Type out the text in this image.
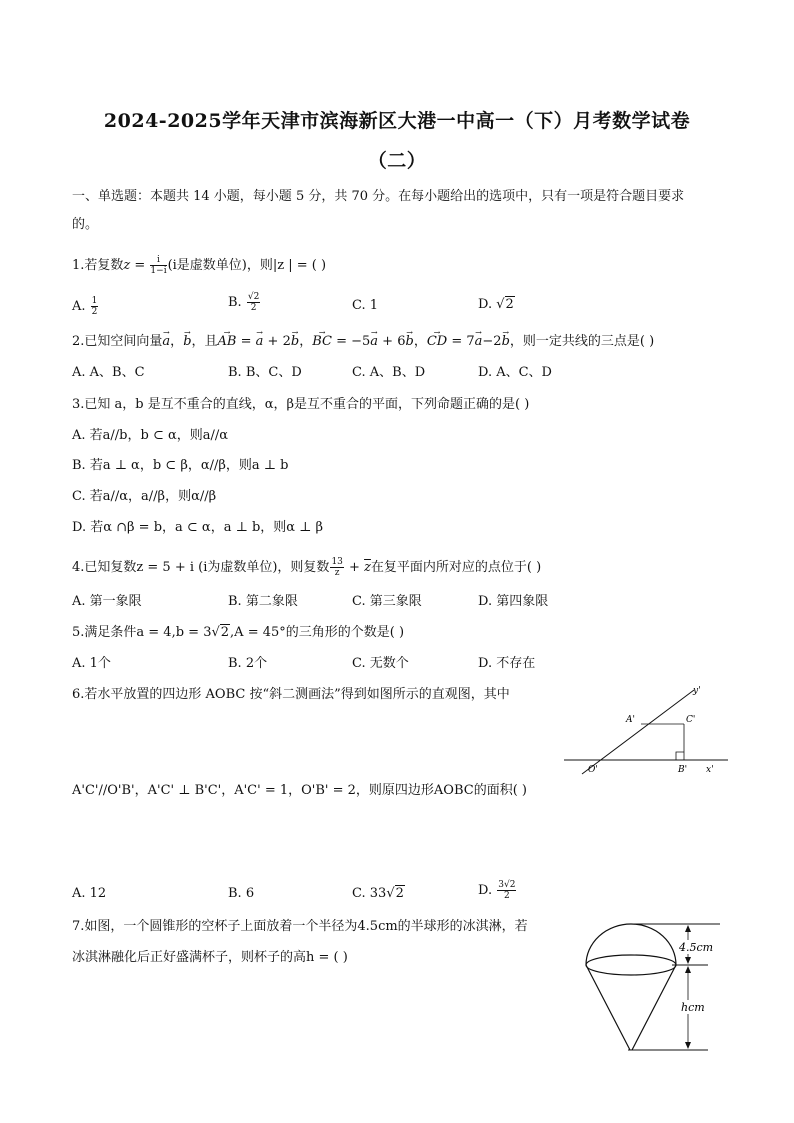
2024-2025学年天津市滨海新区大港一中高一（下）月考数学试卷
（二）
一、单选题：本题共 14 小题，每小题 5 分，共 70 分。在每小题给出的选项中，只有一项是符合题目要求
的。
1.若复数$z = \frac{i}{1-i} (i$是虚数单位)，则|z | = ( )
A. $\frac{1}{2}$	B. $\frac{√2}{2}$	C. 1	D. √2
2.已知空间向量→ a，→ b，且→ AB = → a + 2→ b，→ BC = −5→ a + 6→ b，→ CD = 7→ a−2→ b，则一定共线的三点是( )
A. A、B、C	B. B、C、D	C. A、B、D	D. A、C、D
3.已知 a，b 是互不重合的直线，α，β是互不重合的平面，下列命题正确的是( )
A. 若a//b，b ⊂ α，则a//α
B. 若a ⊥ α，b ⊂ β，α//β，则a ⊥ b
C. 若a//α，a//β，则α//β
D. 若α ∩β = b，a ⊂ α，a ⊥ b，则α ⊥ β
4.已知复数z = 5 + i (i为虚数单位)，则复数 $\frac{13}{z} + \overline{z}$在复平面内所对应的点位于( )
A. 第一象限	B. 第二象限	C. 第三象限	D. 第四象限
5.满足条件a = 4,b = 3√2,A = 45°的三角形的个数是( )
A. 1个	B. 2个	C. 无数个	D. 不存在
6.若水平放置的四边形 AOBC 按“斜二测画法”得到如图所示的直观图，其中	y'
A'	C'
O'	B' x'
A'C'//O'B'，A'C' ⊥ B'C'，A'C' = 1，O'B' = 2，则原四边形AOBC的面积( )
A. 12	B. 6	C. 33√2	D. $\frac{3√2}{2}$
7.如图，一个圆锥形的空杯子上面放着一个半径为4.5cm的半球形的冰淇淋，若
冰淇淋融化后正好盛满杯子，则杯子的高h = ( )
4.5cm
hcm
